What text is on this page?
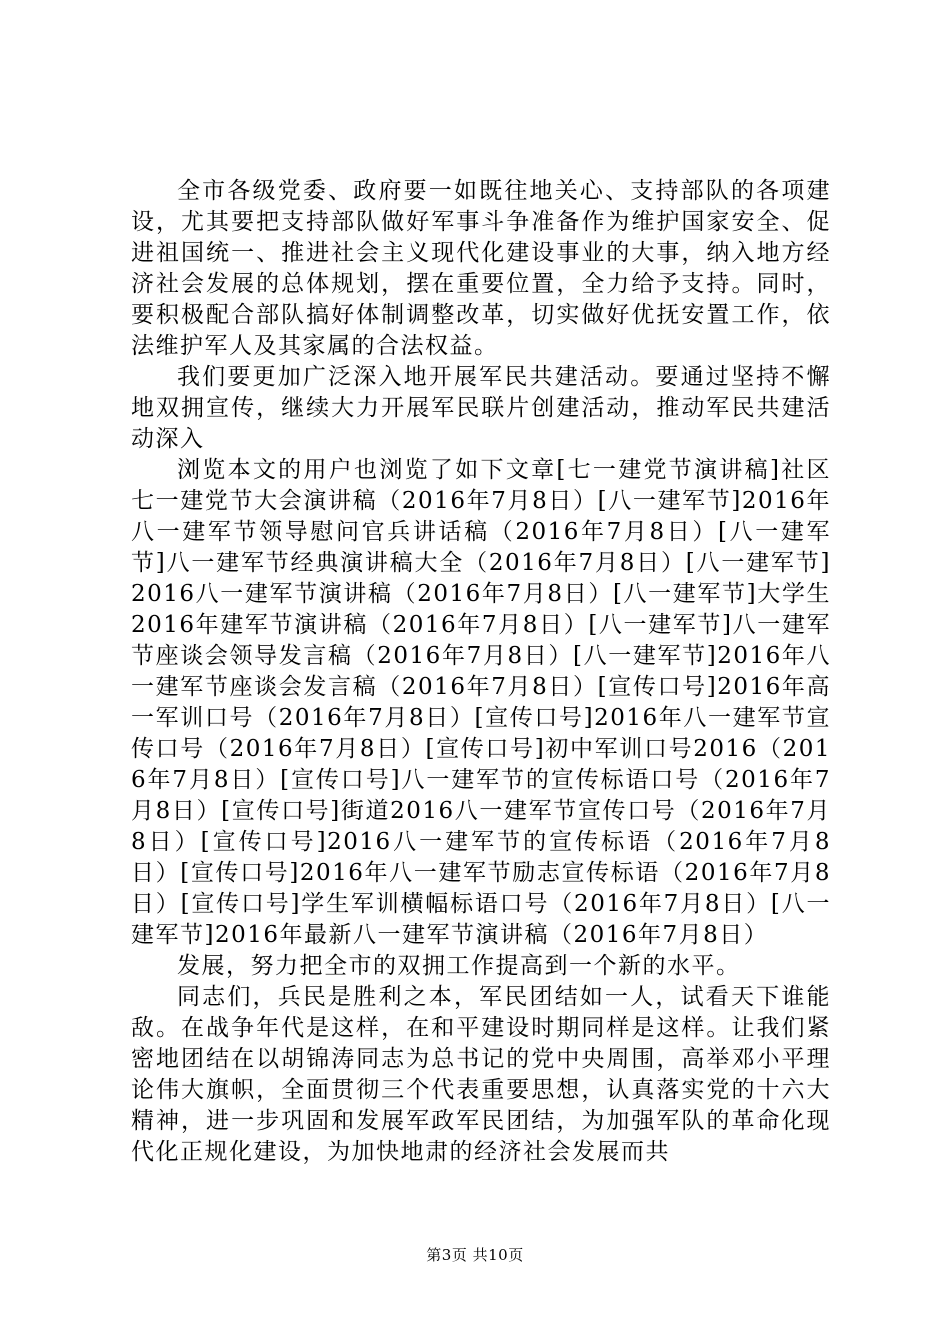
全市各级党委、政府要一如既往地关心、支持部队的各项建设，尤其要把支持部队做好军事斗争准备作为维护国家安全、促进祖国统一、推进社会主义现代化建设事业的大事，纳入地方经济社会发展的总体规划，摆在重要位置，全力给予支持。同时，要积极配合部队搞好体制调整改革，切实做好优抚安置工作，依法维护军人及其家属的合法权益。

我们要更加广泛深入地开展军民共建活动。要通过坚持不懈地双拥宣传，继续大力开展军民联片创建活动，推动军民共建活动深入

浏览本文的用户也浏览了如下文章[七一建党节演讲稿]社区七一建党节大会演讲稿（2016年7月8日）[八一建军节]2016年八一建军节领导慰问官兵讲话稿（2016年7月8日）[八一建军节]八一建军节经典演讲稿大全（2016年7月8日）[八一建军节]2016八一建军节演讲稿（2016年7月8日）[八一建军节]大学生2016年建军节演讲稿（2016年7月8日）[八一建军节]八一建军节座谈会领导发言稿（2016年7月8日）[八一建军节]2016年八一建军节座谈会发言稿（2016年7月8日）[宣传口号]2016年高一军训口号（2016年7月8日）[宣传口号]2016年八一建军节宣传口号（2016年7月8日）[宣传口号]初中军训口号2016（2016年7月8日）[宣传口号]八一建军节的宣传标语口号（2016年7月8日）[宣传口号]街道2016八一建军节宣传口号（2016年7月8日）[宣传口号]2016八一建军节的宣传标语（2016年7月8日）[宣传口号]2016年八一建军节励志宣传标语（2016年7月8日）[宣传口号]学生军训横幅标语口号（2016年7月8日）[八一建军节]2016年最新八一建军节演讲稿（2016年7月8日）

发展，努力把全市的双拥工作提高到一个新的水平。

同志们，兵民是胜利之本，军民团结如一人，试看天下谁能敌。在战争年代是这样，在和平建设时期同样是这样。让我们紧密地团结在以胡锦涛同志为总书记的党中央周围，高举邓小平理论伟大旗帜，全面贯彻三个代表重要思想，认真落实党的十六大精神，进一步巩固和发展军政军民团结，为加强军队的革命化现代化正规化建设，为加快地肃的经济社会发展而共

第3页 共10页
